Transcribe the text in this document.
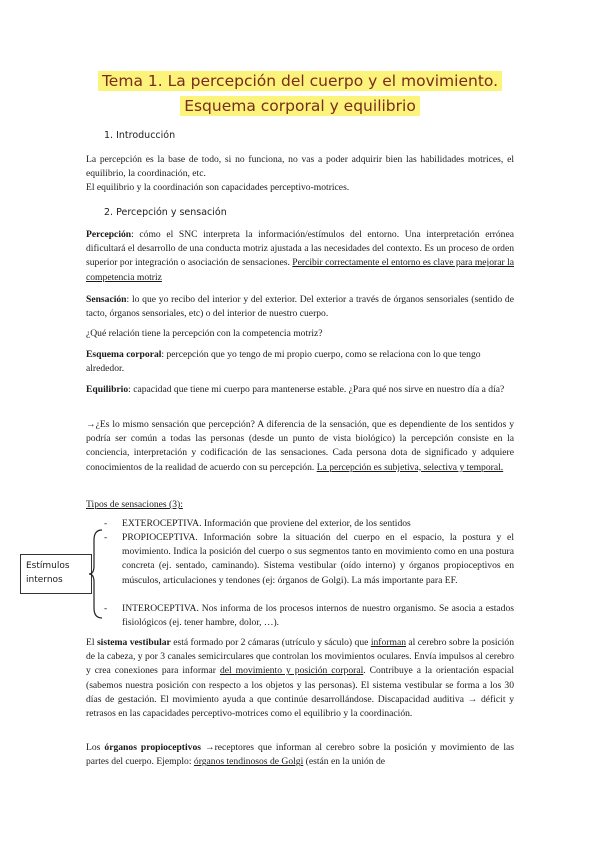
Tema 1. La percepción del cuerpo y el movimiento.
Esquema corporal y equilibrio
1. Introducción
La percepción es la base de todo, si no funciona, no vas a poder adquirir bien las habilidades motrices, el equilibrio, la coordinación, etc.
El equilibrio y la coordinación son capacidades perceptivo-motrices.
2. Percepción y sensación
Percepción: cómo el SNC interpreta la información/estímulos del entorno. Una interpretación errónea dificultará el desarrollo de una conducta motriz ajustada a las necesidades del contexto. Es un proceso de orden superior por integración o asociación de sensaciones. Percibir correctamente el entorno es clave para mejorar la competencia motriz
Sensación: lo que yo recibo del interior y del exterior. Del exterior a través de órganos sensoriales (sentido de tacto, órganos sensoriales, etc) o del interior de nuestro cuerpo.
¿Qué relación tiene la percepción con la competencia motriz?
Esquema corporal: percepción que yo tengo de mi propio cuerpo, como se relaciona con lo que tengo alrededor.
Equilibrio: capacidad que tiene mi cuerpo para mantenerse estable. ¿Para qué nos sirve en nuestro día a día?
→¿Es lo mismo sensación que percepción? A diferencia de la sensación, que es dependiente de los sentidos y podría ser común a todas las personas (desde un punto de vista biológico) la percepción consiste en la conciencia, interpretación y codificación de las sensaciones. Cada persona dota de significado y adquiere conocimientos de la realidad de acuerdo con su percepción. La percepción es subjetiva, selectiva y temporal.
Tipos de sensaciones (3):
- EXTEROCEPTIVA. Información que proviene del exterior, de los sentidos
- PROPIOCEPTIVA. Información sobre la situación del cuerpo en el espacio, la postura y el movimiento. Indica la posición del cuerpo o sus segmentos tanto en movimiento como en una postura concreta (ej. sentado, caminando). Sistema vestibular (oído interno) y órganos propioceptivos en músculos, articulaciones y tendones (ej: órganos de Golgi). La más importante para EF.
- INTEROCEPTIVA. Nos informa de los procesos internos de nuestro organismo. Se asocia a estados fisiológicos (ej. tener hambre, dolor, …).
Estímulos internos
El sistema vestibular está formado por 2 cámaras (utrículo y sáculo) que informan al cerebro sobre la posición de la cabeza, y por 3 canales semicirculares que controlan los movimientos oculares. Envía impulsos al cerebro y crea conexiones para informar del movimiento y posición corporal. Contribuye a la orientación espacial (sabemos nuestra posición con respecto a los objetos y las personas). El sistema vestibular se forma a los 30 días de gestación. El movimiento ayuda a que continúe desarrollándose. Discapacidad auditiva → déficit y retrasos en las capacidades perceptivo-motrices como el equilibrio y la coordinación.
Los órganos propioceptivos →receptores que informan al cerebro sobre la posición y movimiento de las partes del cuerpo. Ejemplo: órganos tendinosos de Golgi (están en la unión de
